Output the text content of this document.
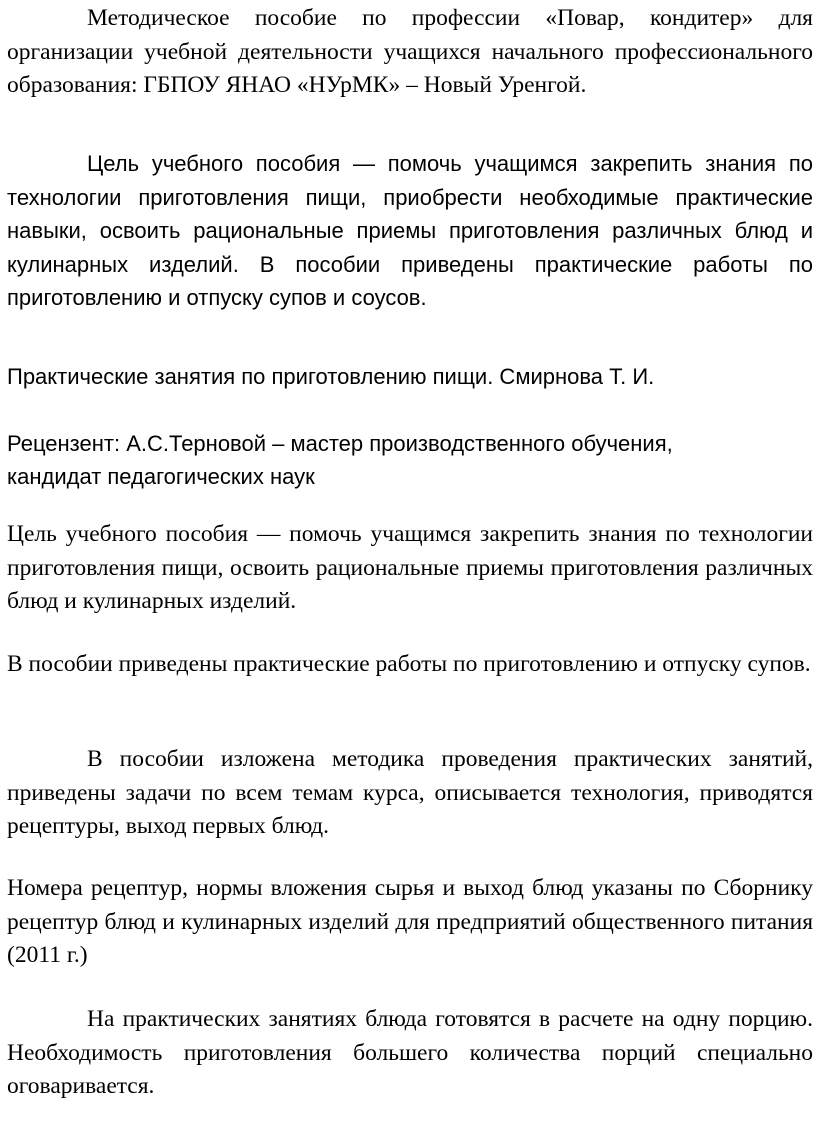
Методическое пособие по профессии «Повар, кондитер» для организации учебной деятельности учащихся начального профессионального образования: ГБПОУ ЯНАО «НУрМК» – Новый Уренгой.

Цель учебного пособия — помочь учащимся закрепить знания по технологии приготовления пищи, приобрести необходимые практические навыки, освоить рациональные приемы приготовления различных блюд и кулинарных изделий. В пособии приведены практические работы по приготовлению и отпуску супов и соусов.

Практические занятия по приготовлению пищи. Смирнова Т. И.

Рецензент: А.С.Терновой – мастер производственного обучения,

кандидат педагогических наук

Цель учебного пособия — помочь учащимся закрепить знания по технологии приготовления пищи, освоить рациональные приемы приготовления различных блюд и кулинарных изделий.

В пособии приведены практические работы по приготовлению и отпуску супов.

В пособии изложена методика проведения практических занятий, приведены задачи по всем темам курса, описывается технология, приводятся рецептуры, выход первых блюд.

Номера рецептур, нормы вложения сырья и выход блюд указаны по Сборнику рецептур блюд и кулинарных изделий для предприятий общественного питания (2011 г.)

На практических занятиях блюда готовятся в расчете на одну порцию. Необходимость приготовления большего количества порций специально оговаривается.
